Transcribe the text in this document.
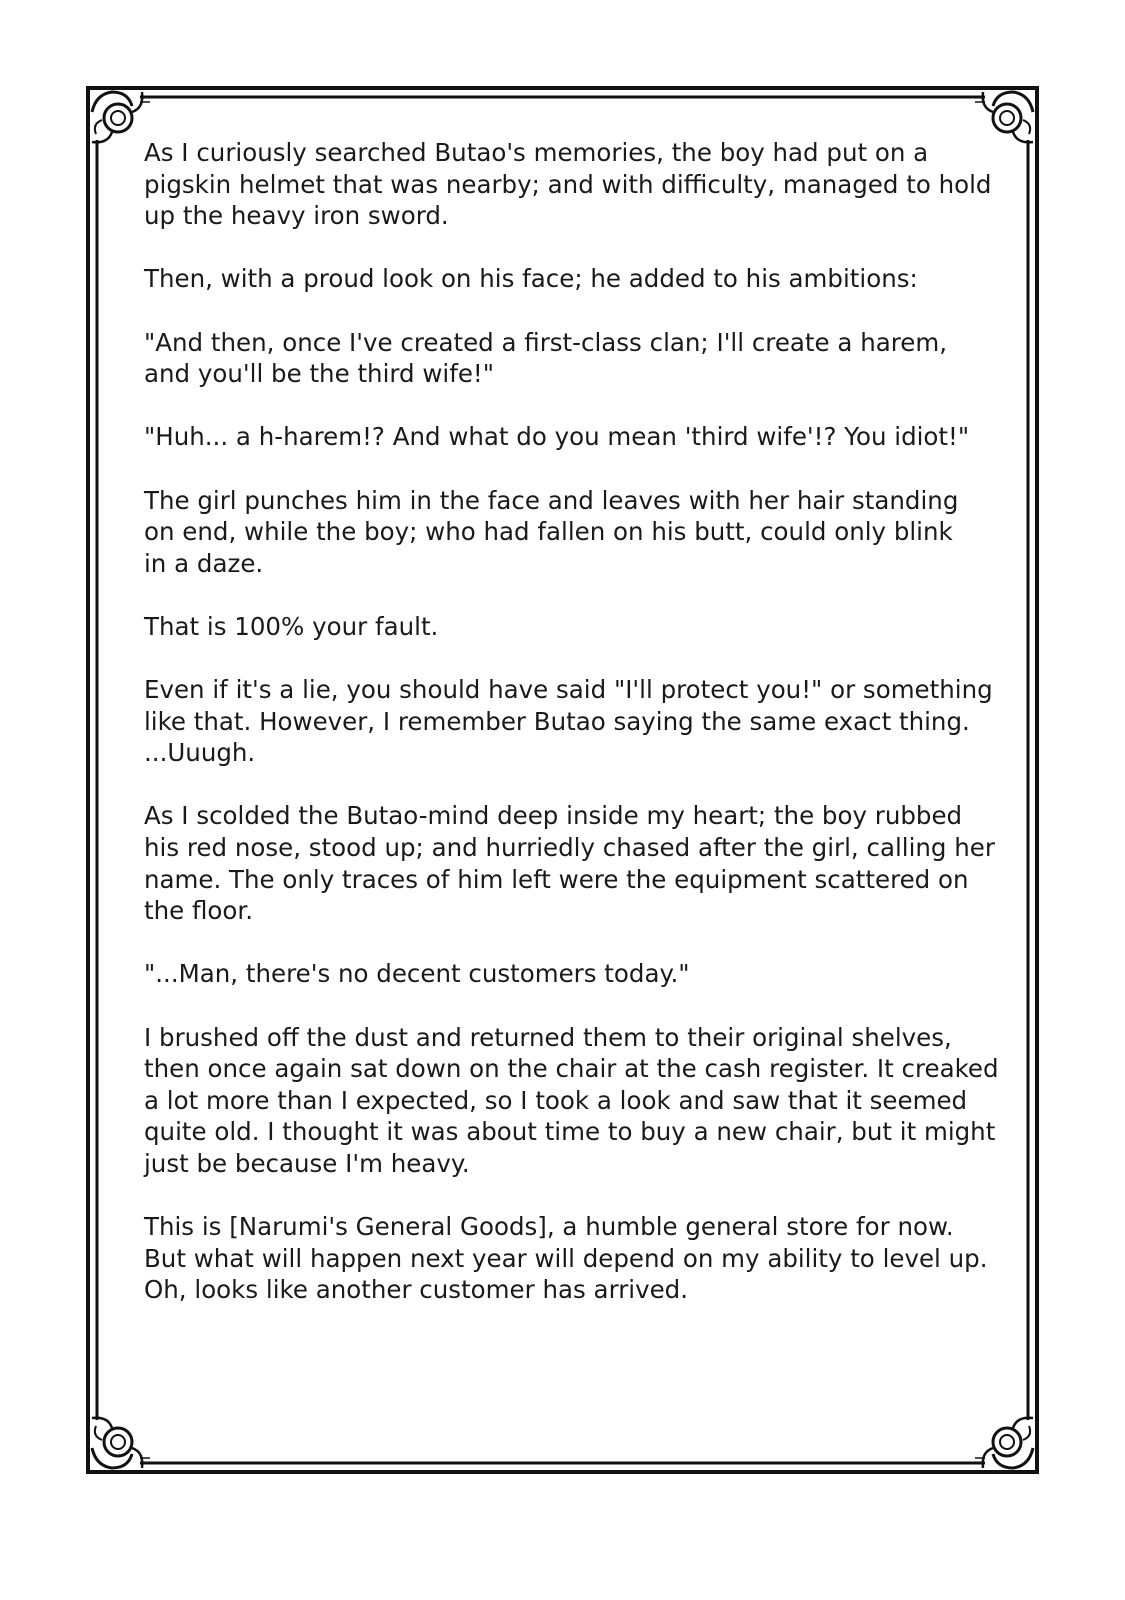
As I curiously searched Butao's memories, the boy had put on a
pigskin helmet that was nearby; and with difficulty, managed to hold
up the heavy iron sword.

Then, with a proud look on his face; he added to his ambitions:

"And then, once I've created a first-class clan; I'll create a harem,
and you'll be the third wife!"

"Huh... a h-harem!? And what do you mean 'third wife'!? You idiot!"

The girl punches him in the face and leaves with her hair standing
on end, while the boy; who had fallen on his butt, could only blink
in a daze.

That is 100% your fault.

Even if it's a lie, you should have said "I'll protect you!" or something
like that. However, I remember Butao saying the same exact thing.
...Uuugh.

As I scolded the Butao-mind deep inside my heart; the boy rubbed
his red nose, stood up; and hurriedly chased after the girl, calling her
name. The only traces of him left were the equipment scattered on
the floor.

"...Man, there's no decent customers today."

I brushed off the dust and returned them to their original shelves,
then once again sat down on the chair at the cash register. It creaked
a lot more than I expected, so I took a look and saw that it seemed
quite old. I thought it was about time to buy a new chair, but it might
just be because I'm heavy.

This is [Narumi's General Goods], a humble general store for now.
But what will happen next year will depend on my ability to level up.
Oh, looks like another customer has arrived.
